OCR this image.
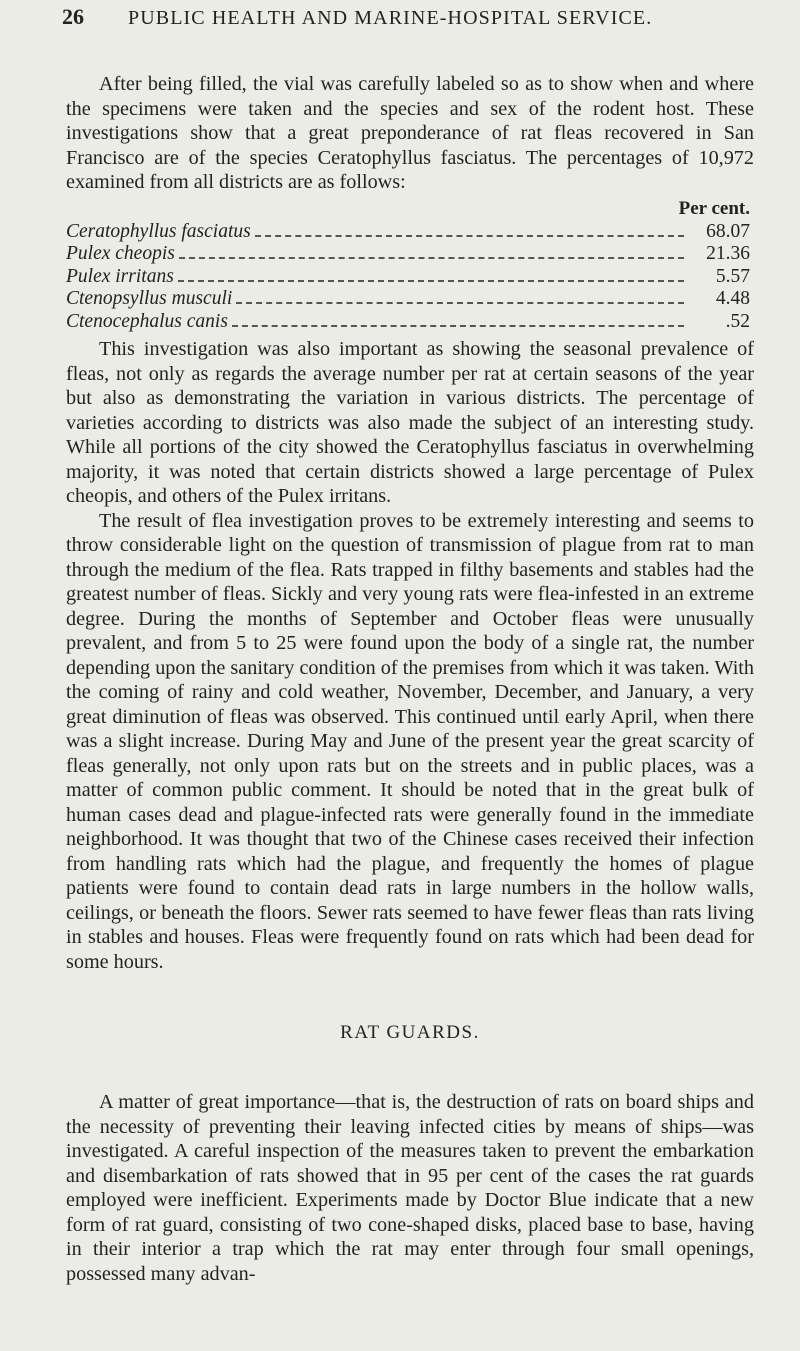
26	PUBLIC HEALTH AND MARINE-HOSPITAL SERVICE.

After being filled, the vial was carefully labeled so as to show when and where the specimens were taken and the species and sex of the rodent host. These investigations show that a great preponderance of rat fleas recovered in San Francisco are of the species Ceratophyllus fasciatus. The percentages of 10,972 examined from all districts are as follows:

Per cent.
Ceratophyllus fasciatus	68.07
Pulex cheopis	21.36
Pulex irritans	5.57
Ctenopsyllus musculi	4.48
Ctenocephalus canis	.52

This investigation was also important as showing the seasonal prevalence of fleas, not only as regards the average number per rat at certain seasons of the year but also as demonstrating the variation in various districts. The percentage of varieties according to districts was also made the subject of an interesting study. While all portions of the city showed the Ceratophyllus fasciatus in overwhelming majority, it was noted that certain districts showed a large percentage of Pulex cheopis, and others of the Pulex irritans.

The result of flea investigation proves to be extremely interesting and seems to throw considerable light on the question of transmission of plague from rat to man through the medium of the flea. Rats trapped in filthy basements and stables had the greatest number of fleas. Sickly and very young rats were flea-infested in an extreme degree. During the months of September and October fleas were unusually prevalent, and from 5 to 25 were found upon the body of a single rat, the number depending upon the sanitary condition of the premises from which it was taken. With the coming of rainy and cold weather, November, December, and January, a very great diminution of fleas was observed. This continued until early April, when there was a slight increase. During May and June of the present year the great scarcity of fleas generally, not only upon rats but on the streets and in public places, was a matter of common public comment. It should be noted that in the great bulk of human cases dead and plague-infected rats were generally found in the immediate neighborhood. It was thought that two of the Chinese cases received their infection from handling rats which had the plague, and frequently the homes of plague patients were found to contain dead rats in large numbers in the hollow walls, ceilings, or beneath the floors. Sewer rats seemed to have fewer fleas than rats living in stables and houses. Fleas were frequently found on rats which had been dead for some hours.

RAT GUARDS.

A matter of great importance—that is, the destruction of rats on board ships and the necessity of preventing their leaving infected cities by means of ships—was investigated. A careful inspection of the measures taken to prevent the embarkation and disembarkation of rats showed that in 95 per cent of the cases the rat guards employed were inefficient. Experiments made by Doctor Blue indicate that a new form of rat guard, consisting of two cone-shaped disks, placed base to base, having in their interior a trap which the rat may enter through four small openings, possessed many advan-
